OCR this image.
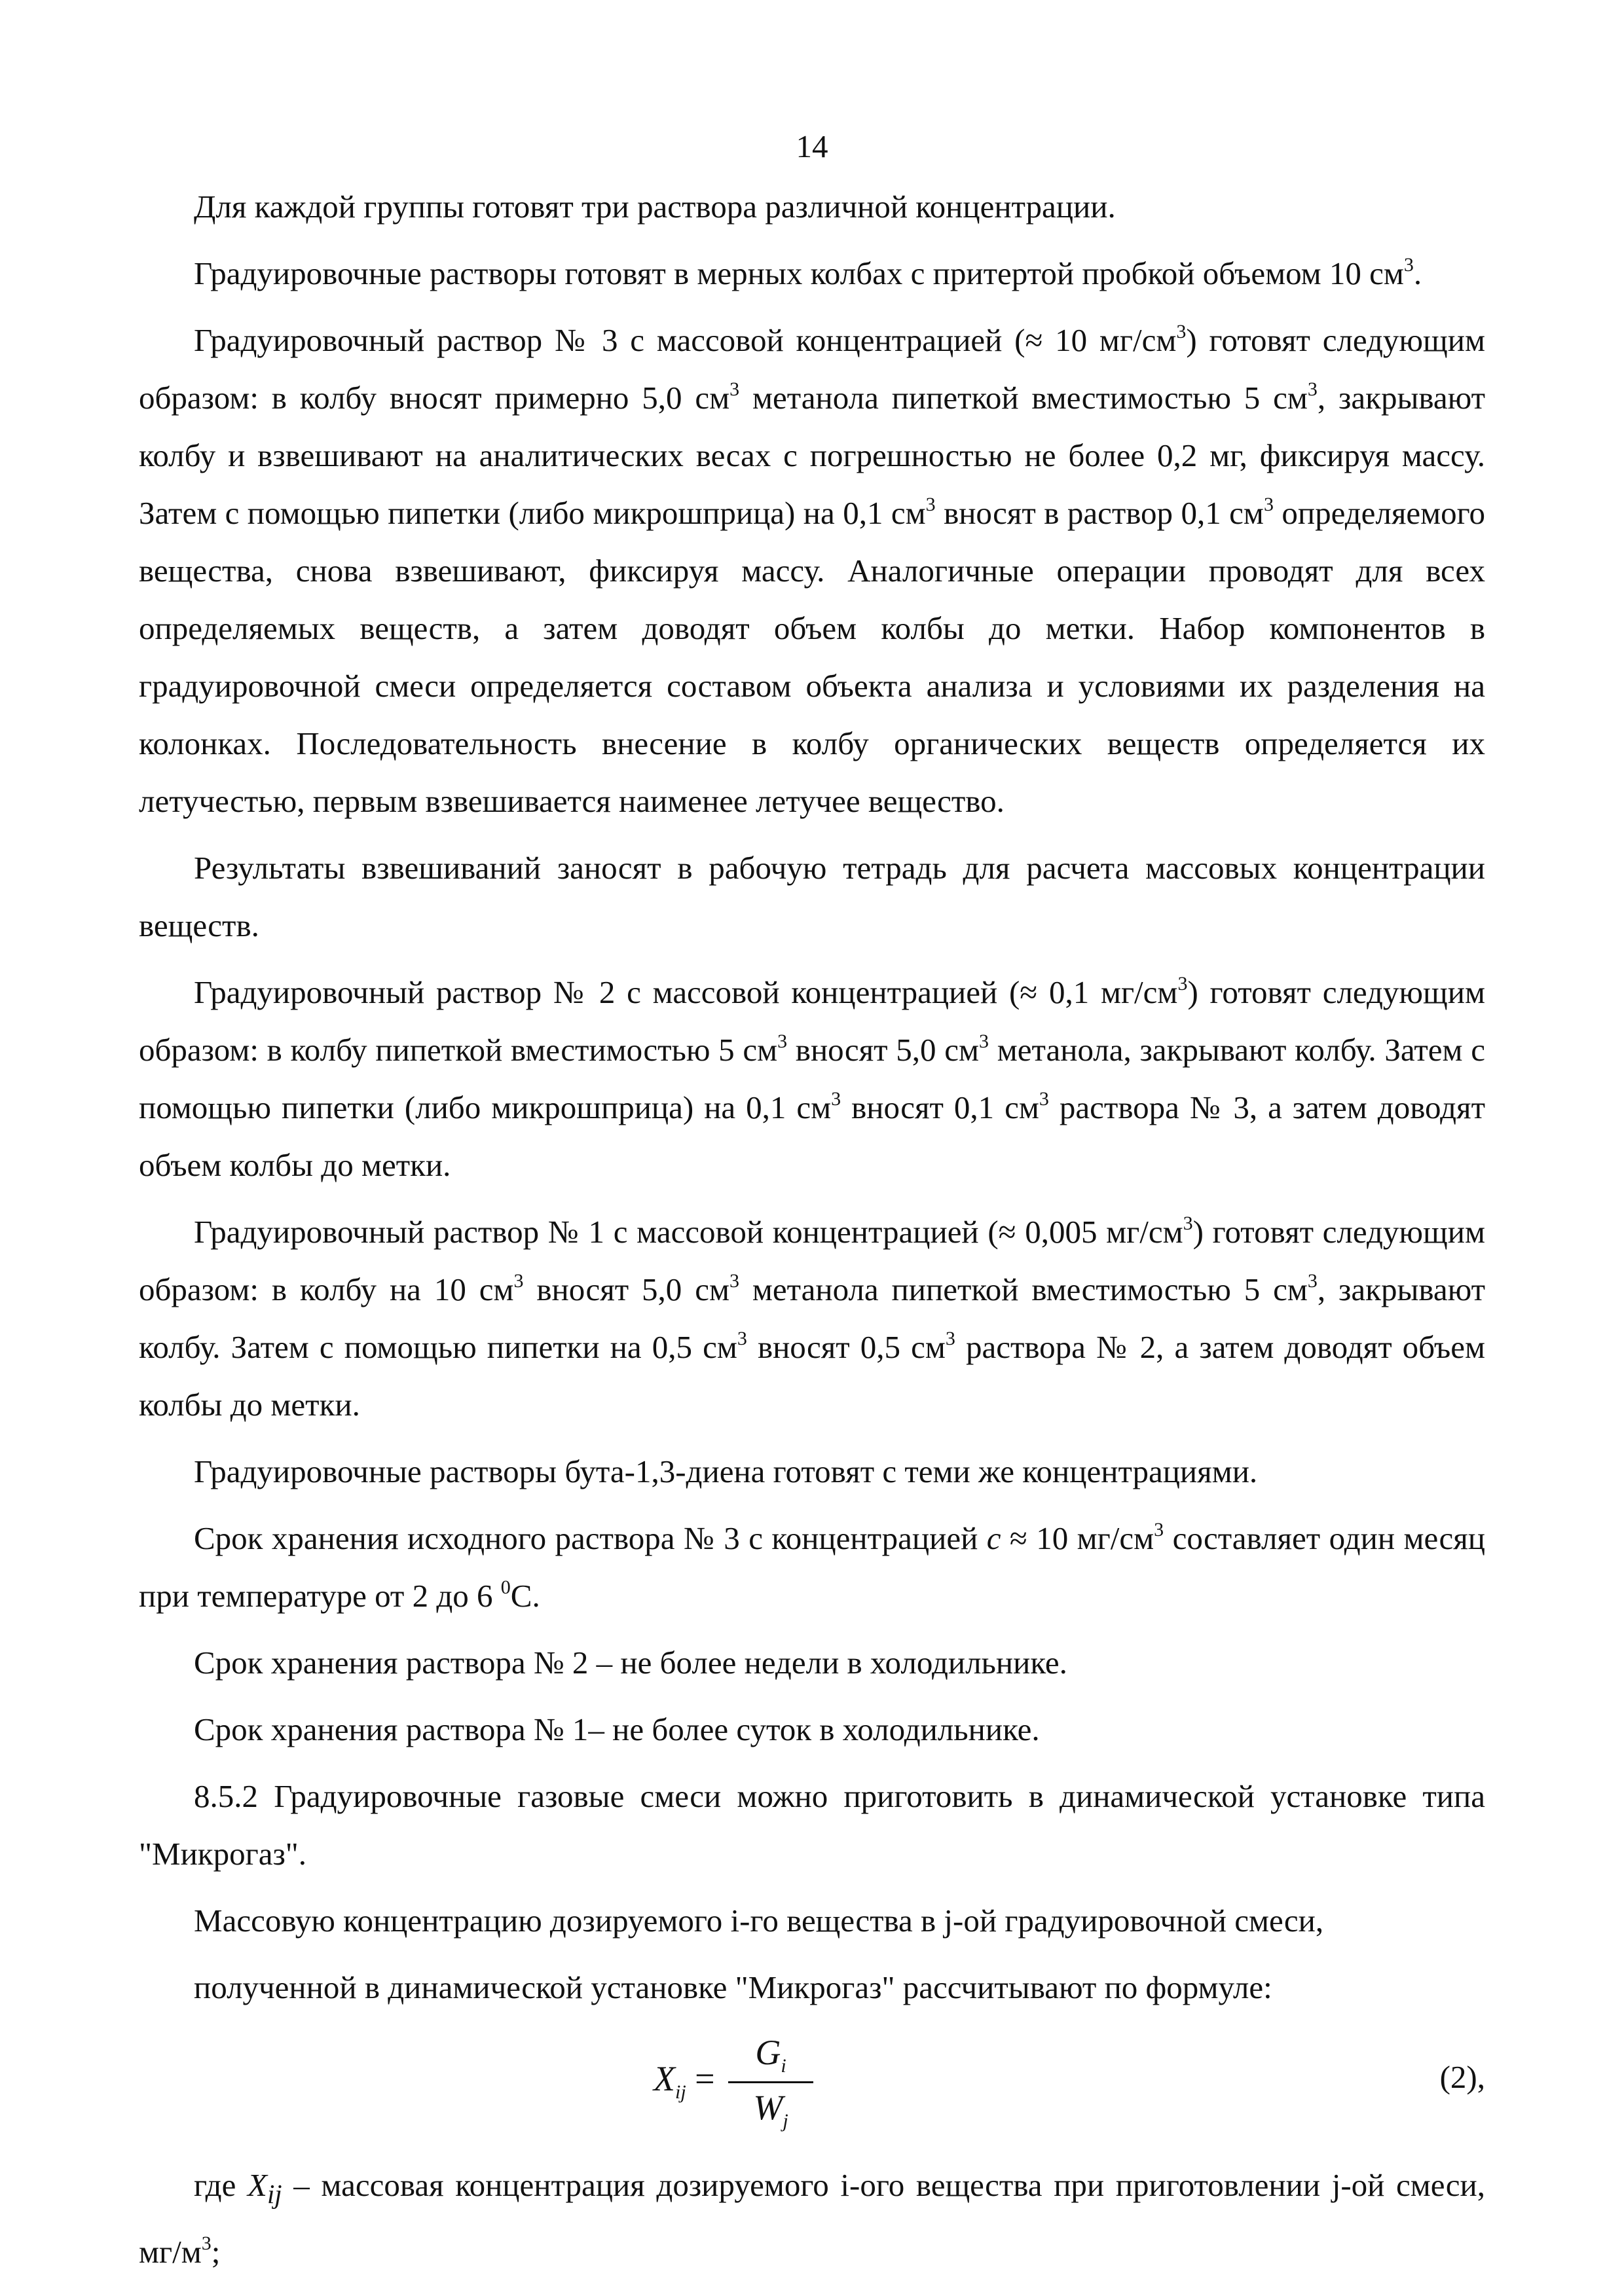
14

Для каждой группы готовят три раствора различной концентрации.

Градуировочные растворы готовят в мерных колбах с притертой пробкой объемом 10 $см^3$.

Градуировочный раствор № 3 с массовой концентрацией (≈ 10 $мг/см^3$) готовят следующим образом: в колбу вносят примерно 5,0 $см^3$ метанола пипеткой вместимостью 5 $см^3$, закрывают колбу и взвешивают на аналитических весах с погрешностью не более 0,2 мг, фиксируя массу. Затем с помощью пипетки (либо микрошприца) на 0,1 $см^3$ вносят в раствор 0,1 $см^3$ определяемого вещества, снова взвешивают, фиксируя массу. Аналогичные операции проводят для всех определяемых веществ, а затем доводят объем колбы до метки. Набор компонентов в градуировочной смеси определяется составом объекта анализа и условиями их разделения на колонках. Последовательность внесение в колбу органических веществ определяется их летучестью, первым взвешивается наименее летучее вещество.

Результаты взвешиваний заносят в рабочую тетрадь для расчета массовых концентрации веществ.

Градуировочный раствор № 2 с массовой концентрацией (≈ 0,1 $мг/см^3$) готовят следующим образом: в колбу пипеткой вместимостью 5 $см^3$ вносят 5,0 $см^3$ метанола, закрывают колбу. Затем с помощью пипетки (либо микрошприца) на 0,1 $см^3$ вносят 0,1 $см^3$ раствора № 3, а затем доводят объем колбы до метки.

Градуировочный раствор № 1 с массовой концентрацией (≈ 0,005 $мг/см^3$) готовят следующим образом: в колбу на 10 $см^3$ вносят 5,0 $см^3$ метанола пипеткой вместимостью 5 $см^3$, закрывают колбу. Затем с помощью пипетки на 0,5 $см^3$ вносят 0,5 $см^3$ раствора № 2, а затем доводят объем колбы до метки.

Градуировочные растворы бута-1,3-диена готовят с теми же концентрациями.

Срок хранения исходного раствора № 3 с концентрацией c ≈ 10 $мг/см^3$ составляет один месяц при температуре от 2 до 6 $^0$C.

Срок хранения раствора № 2 – не более недели в холодильнике.

Срок хранения раствора № 1– не более суток в холодильнике.

8.5.2 Градуировочные газовые смеси можно приготовить в динамической установке типа "Микрогаз".

Массовую концентрацию дозируемого i-го вещества в j-ой градуировочной смеси,

полученной в динамической установке "Микрогаз" рассчитывают по формуле:

$X_{ij}$ =
$G_i$
$W_j$
(2),

где $X_{ij}$ – массовая концентрация дозируемого i-ого вещества при приготовлении j-ой смеси, $мг/м^3$;
